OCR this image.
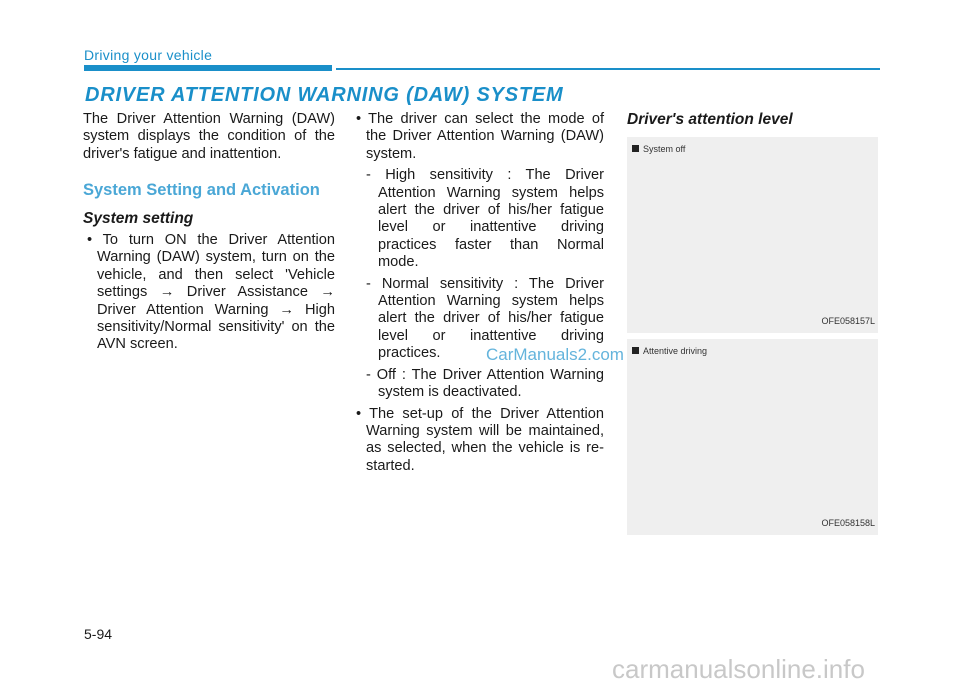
Driving your vehicle
DRIVER ATTENTION WARNING (DAW) SYSTEM

The Driver Attention Warning (DAW) system displays the condition of the driver's fatigue and inattention.

System Setting and Activation
System setting

• To turn ON the Driver Attention Warning (DAW) system, turn on the vehicle, and then select 'Vehicle settings → Driver Assistance → Driver Attention Warning → High sensitivity/Normal sensitivity' on the AVN screen.

• The driver can select the mode of the Driver Attention Warning (DAW) system.

- High sensitivity : The Driver Attention Warning system helps alert the driver of his/her fatigue level or inattentive driving practices faster than Normal mode.

- Normal sensitivity : The Driver Attention Warning system helps alert the driver of his/her fatigue level or inattentive driving practices.

- Off : The Driver Attention Warning system is deactivated.

• The set-up of the Driver Attention Warning system will be maintained, as selected, when the vehicle is re-started.

Driver's attention level
System off
OFE058157L
Attentive driving
OFE058158L
CarManuals2.com
5-94
carmanualsonline.info
